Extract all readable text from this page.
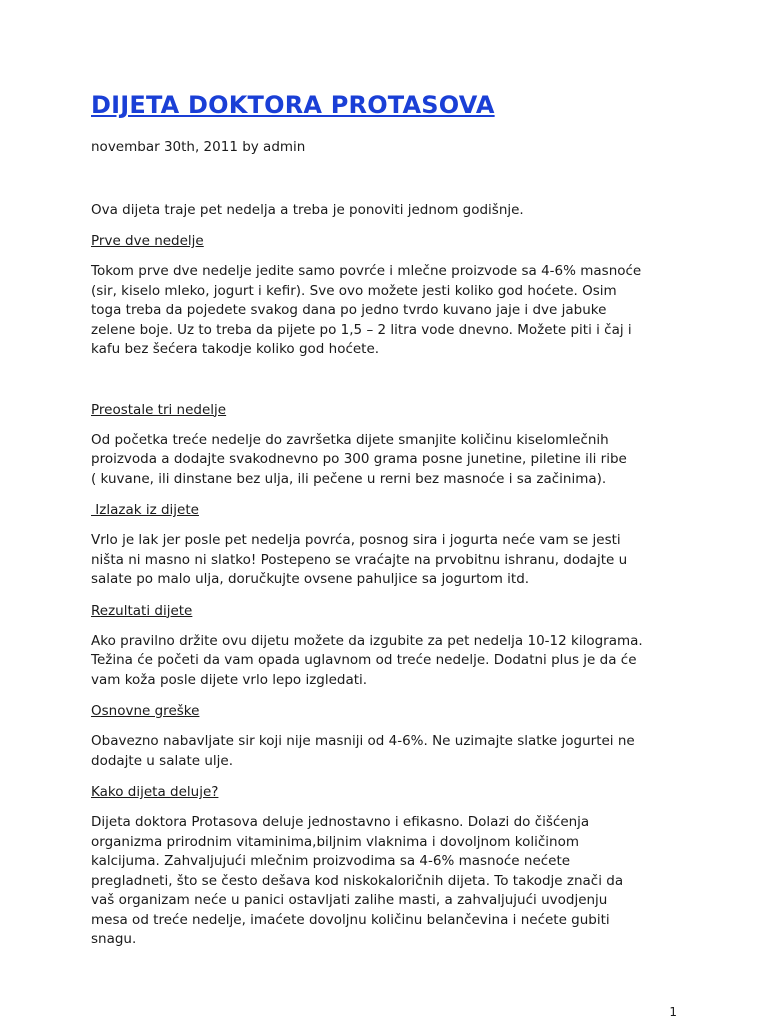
DIJETA DOKTORA PROTASOVA

novembar 30th, 2011 by admin

Ova dijeta traje pet nedelja a treba je ponoviti jednom godišnje.

Prve dve nedelje

Tokom prve dve nedelje jedite samo povrće i mlečne proizvode sa 4-6% masnoće
(sir, kiselo mleko, jogurt i kefir). Sve ovo možete jesti koliko god hoćete. Osim
toga treba da pojedete svakog dana po jedno tvrdo kuvano jaje i dve jabuke
zelene boje. Uz to treba da pijete po 1,5 – 2 litra vode dnevno. Možete piti i čaj i
kafu bez šećera takodje koliko god hoćete.

Preostale tri nedelje

Od početka treće nedelje do završetka dijete smanjite količinu kiselomlečnih
proizvoda a dodajte svakodnevno po 300 grama posne junetine, piletine ili ribe
( kuvane, ili dinstane bez ulja, ili pečene u rerni bez masnoće i sa začinima).

Izlazak iz dijete

Vrlo je lak jer posle pet nedelja povrća, posnog sira i jogurta neće vam se jesti
ništa ni masno ni slatko! Postepeno se vraćajte na prvobitnu ishranu, dodajte u
salate po malo ulja, doručkujte ovsene pahuljice sa jogurtom itd.

Rezultati dijete

Ako pravilno držite ovu dijetu možete da izgubite za pet nedelja 10-12 kilograma.
Težina će početi da vam opada uglavnom od treće nedelje. Dodatni plus je da će
vam koža posle dijete vrlo lepo izgledati.

Osnovne greške

Obavezno nabavljate sir koji nije masniji od 4-6%. Ne uzimajte slatke jogurtei ne
dodajte u salate ulje.

Kako dijeta deluje?

Dijeta doktora Protasova deluje jednostavno i efikasno. Dolazi do čišćenja
organizma prirodnim vitaminima,biljnim vlaknima i dovoljnom količinom
kalcijuma. Zahvaljujući mlečnim proizvodima sa 4-6% masnoće nećete
pregladneti, što se često dešava kod niskokaloričnih dijeta. To takodje znači da
vaš organizam neće u panici ostavljati zalihe masti, a zahvaljujući uvodjenju
mesa od treće nedelje, imaćete dovoljnu količinu belančevina i nećete gubiti
snagu.

1
